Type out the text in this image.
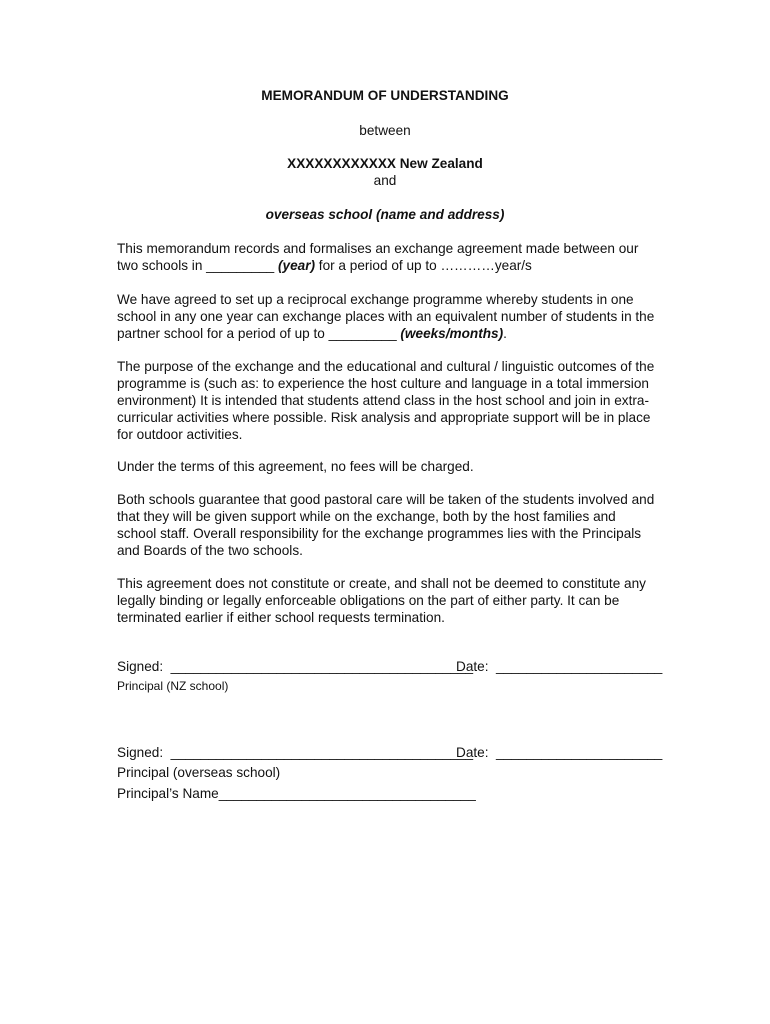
MEMORANDUM OF UNDERSTANDING
between
XXXXXXXXXXXX New Zealand
and
overseas school (name and address)

This memorandum records and formalises an exchange agreement made between our two schools in _________ (year) for a period of up to …………year/s

We have agreed to set up a reciprocal exchange programme whereby students in one school in any one year can exchange places with an equivalent number of students in the partner school for a period of up to _________ (weeks/months).

The purpose of the exchange and the educational and cultural / linguistic outcomes of the programme is (such as: to experience the host culture and language in a total immersion environment) It is intended that students attend class in the host school and join in extra-curricular activities where possible. Risk analysis and appropriate support will be in place for outdoor activities.

Under the terms of this agreement, no fees will be charged.

Both schools guarantee that good pastoral care will be taken of the students involved and that they will be given support while on the exchange, both by the host families and school staff. Overall responsibility for the exchange programmes lies with the Principals and Boards of the two schools.

This agreement does not constitute or create, and shall not be deemed to constitute any legally binding or legally enforceable obligations on the part of either party. It can be terminated earlier if either school requests termination.

Signed:  ________________________________________
Date:  ______________________
Principal (NZ school)
Signed:  ________________________________________
Date:  ______________________
Principal (overseas school)
Principal’s Name__________________________________
